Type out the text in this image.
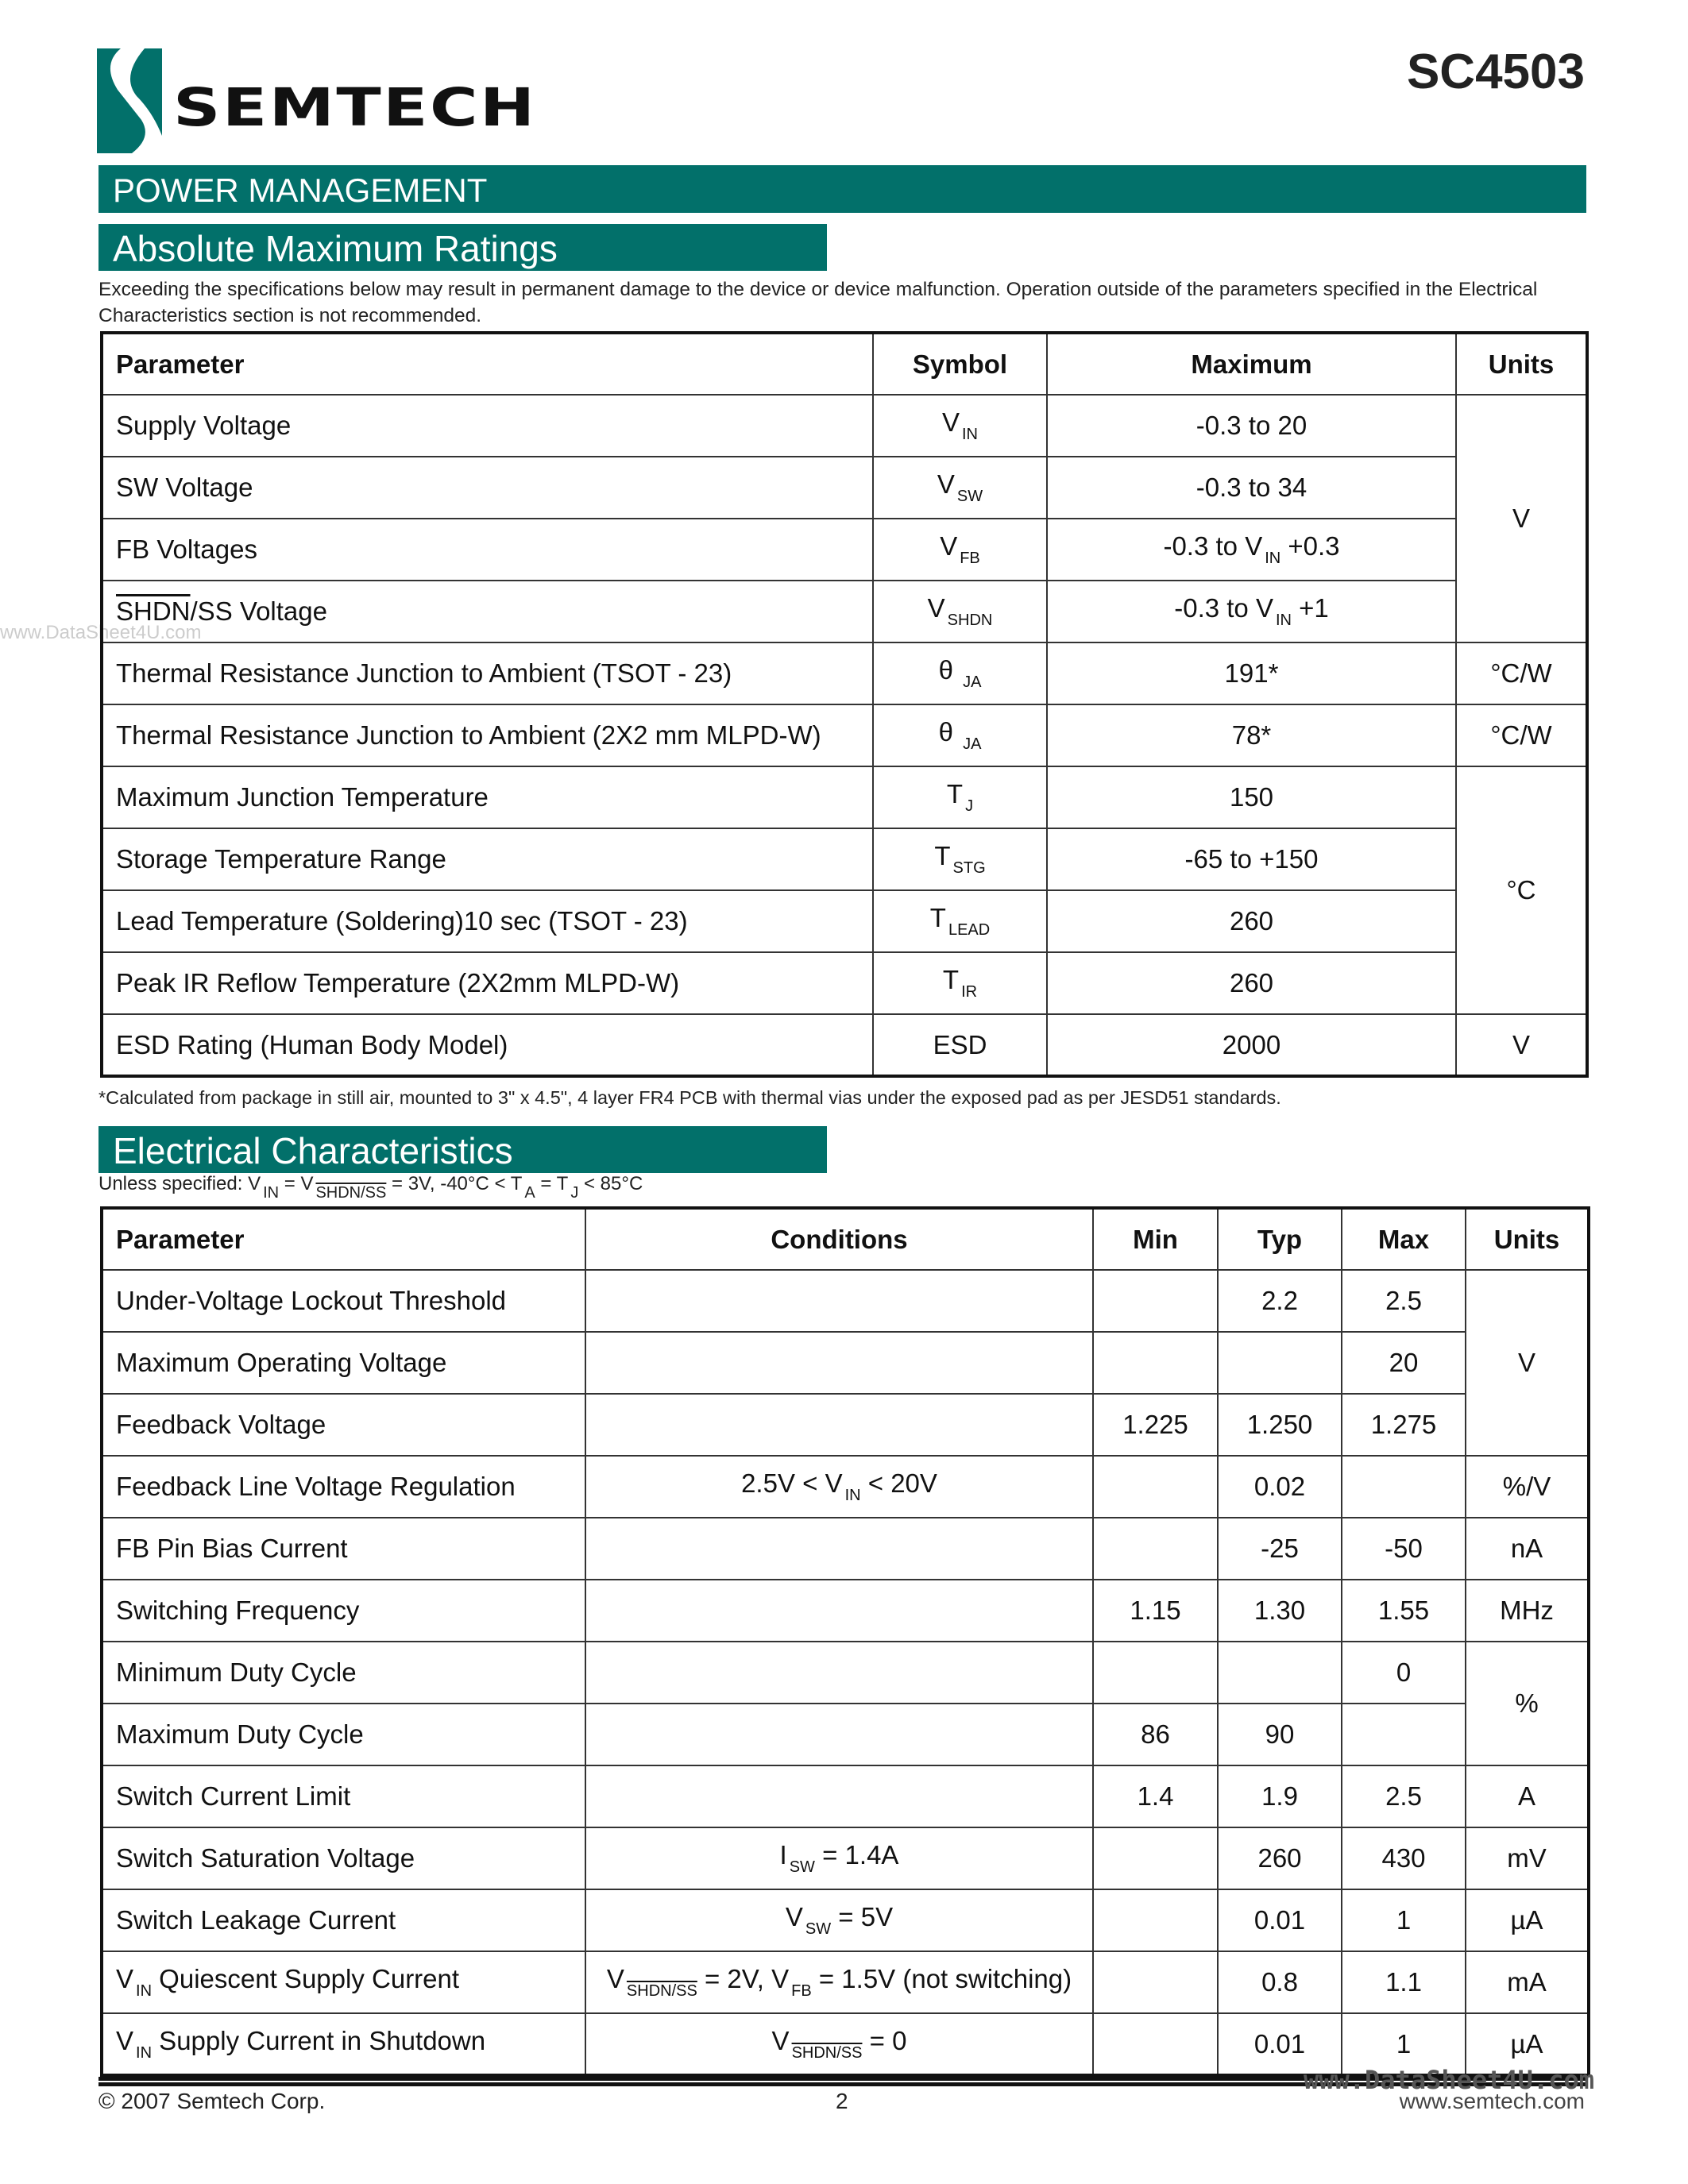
SEMTECH
SC4503
POWER MANAGEMENT
Absolute Maximum Ratings
Exceeding the specifications below may result in permanent damage to the device or device malfunction. Operation outside of the parameters specified in the Electrical Characteristics section is not recommended.
www.DataSheet4U.com
Parameter	Symbol	Maximum	Units
Supply Voltage	V $_{IN}$	-0.3 to 20	V
SW Voltage	V $_{SW}$	-0.3 to 34	
FB Voltages	V $_{FB}$	-0.3 to V $_{IN}$ +0.3	
SHDN/SS Voltage	V $_{SHDN}$	-0.3 to V $_{IN}$ +1	
Thermal Resistance Junction to Ambient (TSOT - 23)	θ $_{JA}$	191*	°C/W
Thermal Resistance Junction to Ambient (2X2 mm MLPD-W)	θ $_{JA}$	78*	°C/W
Maximum Junction Temperature	T $_J$	150	°C
Storage Temperature Range	T $_{STG}$	-65 to +150	
Lead Temperature (Soldering)10 sec (TSOT - 23)	T $_{LEAD}$	260	
Peak IR Reflow Temperature (2X2mm MLPD-W)	T $_{IR}$	260	
ESD Rating (Human Body Model)	ESD	2000	V
*Calculated from package in still air, mounted to 3" x 4.5", 4 layer FR4 PCB with thermal vias under the exposed pad as per JESD51 standards.
Electrical Characteristics
Unless specified: V $_{IN}$ = V $_{SHDN/SS}$ = 3V, -40°C < T $_A$ = T $_J$ < 85°C
Parameter	Conditions	Min	Typ	Max	Units
Under-Voltage Lockout Threshold			2.2	2.5	V
Maximum Operating Voltage				20	
Feedback Voltage		1.225	1.250	1.275	
Feedback Line Voltage Regulation	2.5V < V $_{IN}$ < 20V		0.02		%/V
FB Pin Bias Current			-25	-50	nA
Switching Frequency		1.15	1.30	1.55	MHz
Minimum Duty Cycle				0	%
Maximum Duty Cycle		86	90		
Switch Current Limit		1.4	1.9	2.5	A
Switch Saturation Voltage	I $_{SW}$ = 1.4A		260	430	mV
Switch Leakage Current	V $_{SW}$ = 5V		0.01	1	µA
V $_{IN}$ Quiescent Supply Current	V $_{SHDN/SS}$ = 2V, V $_{FB}$ = 1.5V (not switching)		0.8	1.1	mA
V $_{IN}$ Supply Current in Shutdown	V $_{SHDN/SS}$ = 0		0.01	1	µA
© 2007 Semtech Corp.	2	www.semtech.com
www.DataSheet4U.com
